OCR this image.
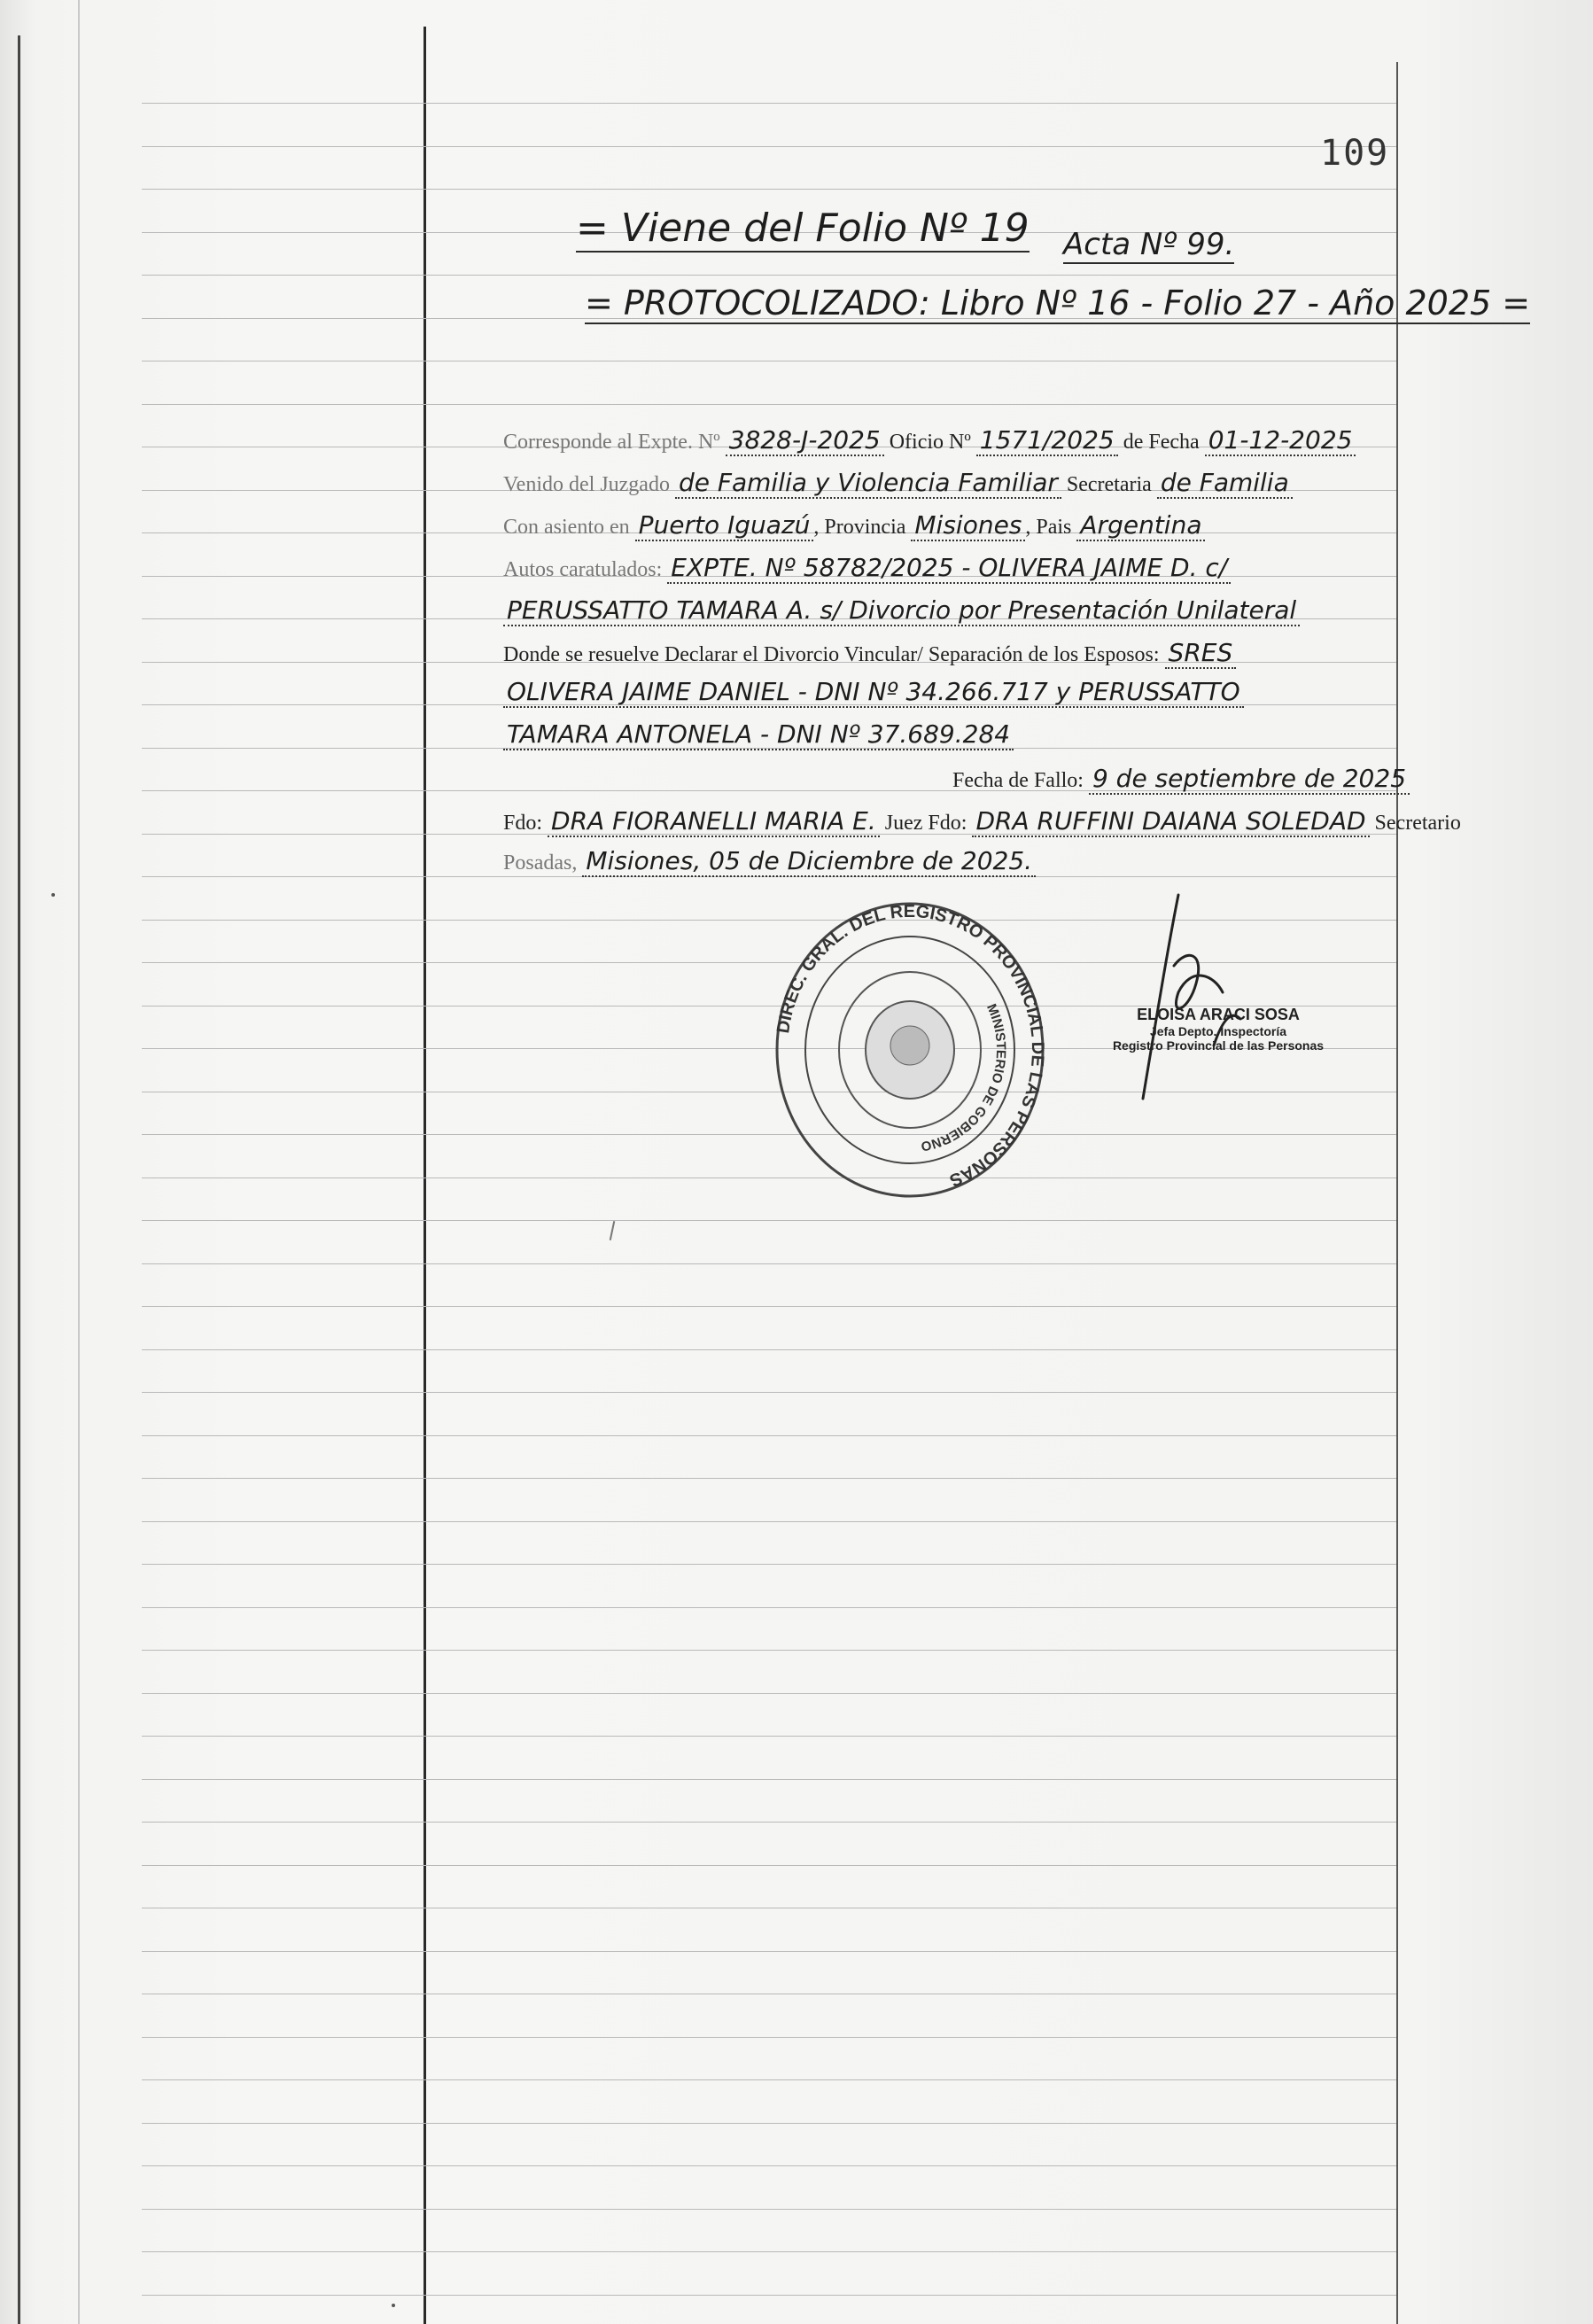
109
= Viene del Folio Nº 19 Acta Nº 99.
= PROTOCOLIZADO: Libro Nº 16 - Folio 27 - Año 2025 =
Corresponde al Expte. Nº 3828-J-2025 Oficio Nº 1571/2025 de Fecha 01-12-2025
Venido del Juzgado de Familia y Violencia Familiar Secretaria de Familia
Con asiento en Puerto Iguazú , Provincia Misiones , Pais Argentina
Autos caratulados: EXPTE. Nº 58782/2025 - OLIVERA JAIME D. c/
PERUSSATTO TAMARA A. s/ Divorcio por Presentación Unilateral
Donde se resuelve Declarar el Divorcio Vincular/ Separación de los Esposos: SRES
OLIVERA JAIME DANIEL - DNI Nº 34.266.717 y PERUSSATTO
TAMARA ANTONELA - DNI Nº 37.689.284
Fecha de Fallo: 9 de septiembre de 2025
Fdo: DRA FIORANELLI MARIA E. Juez Fdo: DRA RUFFINI DAIANA SOLEDAD Secretario
Posadas, Misiones, 05 de Diciembre de 2025.
DIREC. GRAL. DEL REGISTRO PROVINCIAL DE LAS PERSONAS
MINISTERIO DE GOBIERNO
ELOISA ARACI SOSA
Jefa Depto. Inspectoría
Registro Provincial de las Personas
